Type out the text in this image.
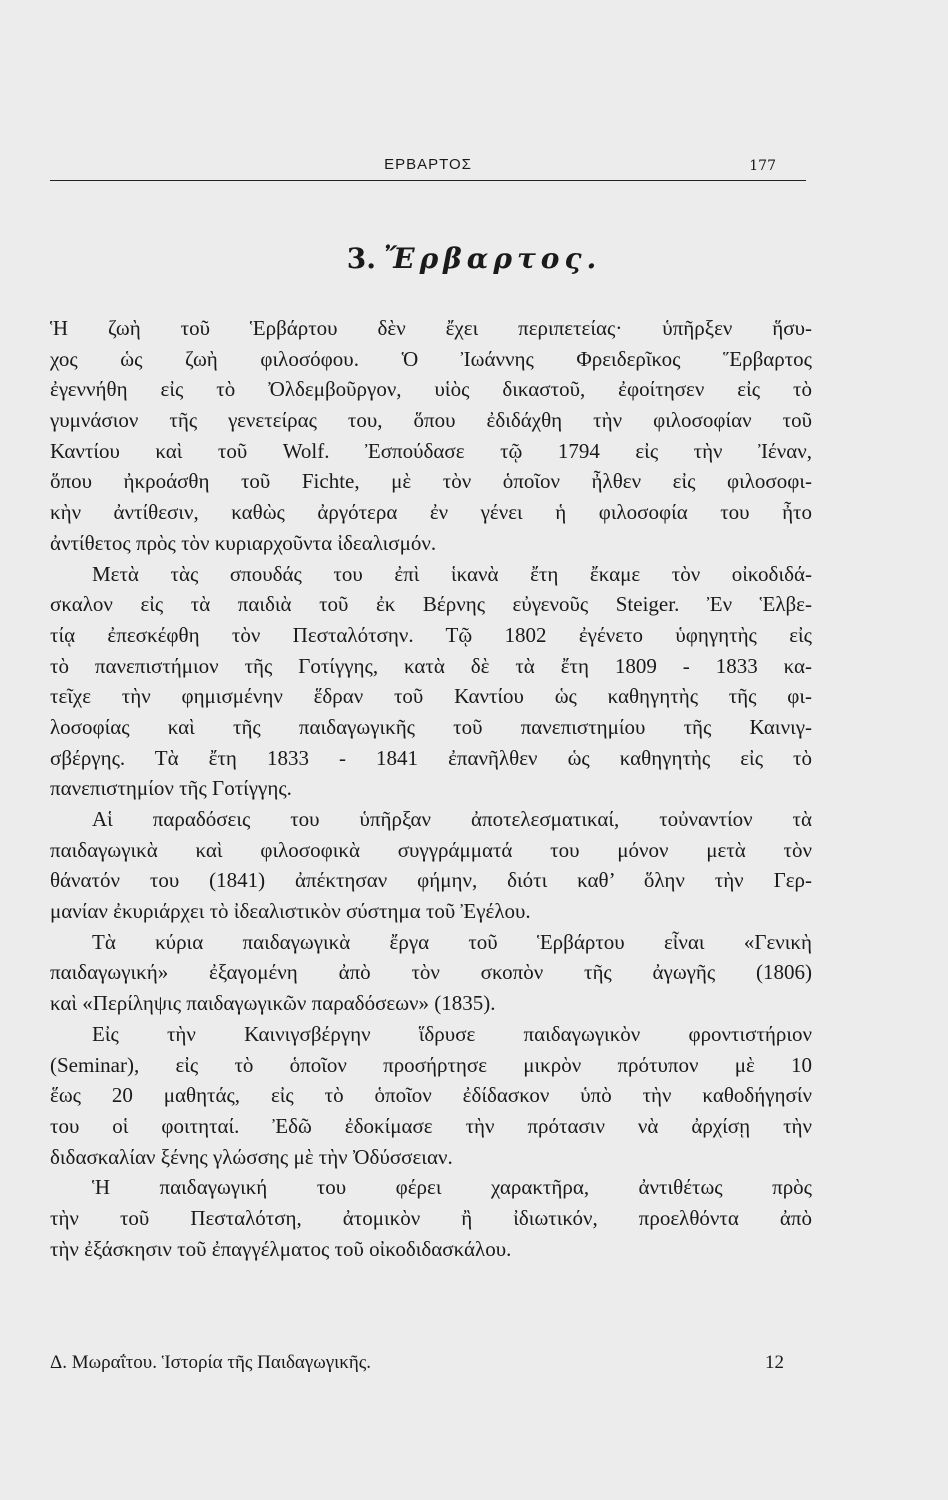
ΕΡΒΑΡΤΟΣ	177
3. Ἔρβαρτος.
Ἡ ζωὴ τοῦ Ἑρβάρτου δὲν ἔχει περιπετείας· ὑπῆρξεν ἥσυ-
χος ὡς ζωὴ φιλοσόφου. Ὁ Ἰωάννης Φρειδερῖκος Ἕρβαρτος
ἐγεννήθη εἰς τὸ Ὀλδεμβοῦργον, υἱὸς δικαστοῦ, ἐφοίτησεν εἰς τὸ
γυμνάσιον τῆς γενετείρας του, ὅπου ἐδιδάχθη τὴν φιλοσοφίαν τοῦ
Καντίου καὶ τοῦ Wolf. Ἐσπούδασε τῷ 1794 εἰς τὴν Ἰέναν,
ὅπου ἠκροάσθη τοῦ Fichte, μὲ τὸν ὁποῖον ἦλθεν εἰς φιλοσοφι-
κὴν ἀντίθεσιν, καθὼς ἀργότερα ἐν γένει ἡ φιλοσοφία του ἦτο
ἀντίθετος πρὸς τὸν κυριαρχοῦντα ἰδεαλισμόν.
Μετὰ τὰς σπουδάς του ἐπὶ ἱκανὰ ἔτη ἔκαμε τὸν οἰκοδιδά-
σκαλον εἰς τὰ παιδιὰ τοῦ ἐκ Βέρνης εὐγενοῦς Steiger. Ἐν Ἑλβε-
τίᾳ ἐπεσκέφθη τὸν Πεσταλότσην. Τῷ 1802 ἐγένετο ὑφηγητὴς εἰς
τὸ πανεπιστήμιον τῆς Γοτίγγης, κατὰ δὲ τὰ ἔτη 1809 - 1833 κα-
τεῖχε τὴν φημισμένην ἕδραν τοῦ Καντίου ὡς καθηγητὴς τῆς φι-
λοσοφίας καὶ τῆς παιδαγωγικῆς τοῦ πανεπιστημίου τῆς Καινιγ-
σβέργης. Τὰ ἔτη 1833 - 1841 ἐπανῆλθεν ὡς καθηγητὴς εἰς τὸ
πανεπιστημίον τῆς Γοτίγγης.
Αἱ παραδόσεις του ὑπῆρξαν ἀποτελεσματικαί, τοὐναντίον τὰ
παιδαγωγικὰ καὶ φιλοσοφικὰ συγγράμματά του μόνον μετὰ τὸν
θάνατόν του (1841) ἀπέκτησαν φήμην, διότι καθ’ ὅλην τὴν Γερ-
μανίαν ἐκυριάρχει τὸ ἰδεαλιστικὸν σύστημα τοῦ Ἐγέλου.
Τὰ κύρια παιδαγωγικὰ ἔργα τοῦ Ἑρβάρτου εἶναι «Γενικὴ
παιδαγωγική» ἐξαγομένη ἀπὸ τὸν σκοπὸν τῆς ἀγωγῆς (1806)
καὶ «Περίληψις παιδαγωγικῶν παραδόσεων» (1835).
Εἰς τὴν Καινιγσβέργην ἵδρυσε παιδαγωγικὸν φροντιστήριον
(Seminar), εἰς τὸ ὁποῖον προσήρτησε μικρὸν πρότυπον μὲ 10
ἕως 20 μαθητάς, εἰς τὸ ὁποῖον ἐδίδασκον ὑπὸ τὴν καθοδήγησίν
του οἱ φοιτηταί. Ἐδῶ ἐδοκίμασε τὴν πρότασιν νὰ ἀρχίσῃ τὴν
διδασκαλίαν ξένης γλώσσης μὲ τὴν Ὀδύσσειαν.
Ἡ παιδαγωγική του φέρει χαρακτῆρα, ἀντιθέτως πρὸς
τὴν τοῦ Πεσταλότση, ἀτομικὸν ἢ ἰδιωτικόν, προελθόντα ἀπὸ
τὴν ἐξάσκησιν τοῦ ἐπαγγέλματος τοῦ οἰκοδιδασκάλου.
Δ. Μωραΐτου. Ἱστορία τῆς Παιδαγωγικῆς.	12
